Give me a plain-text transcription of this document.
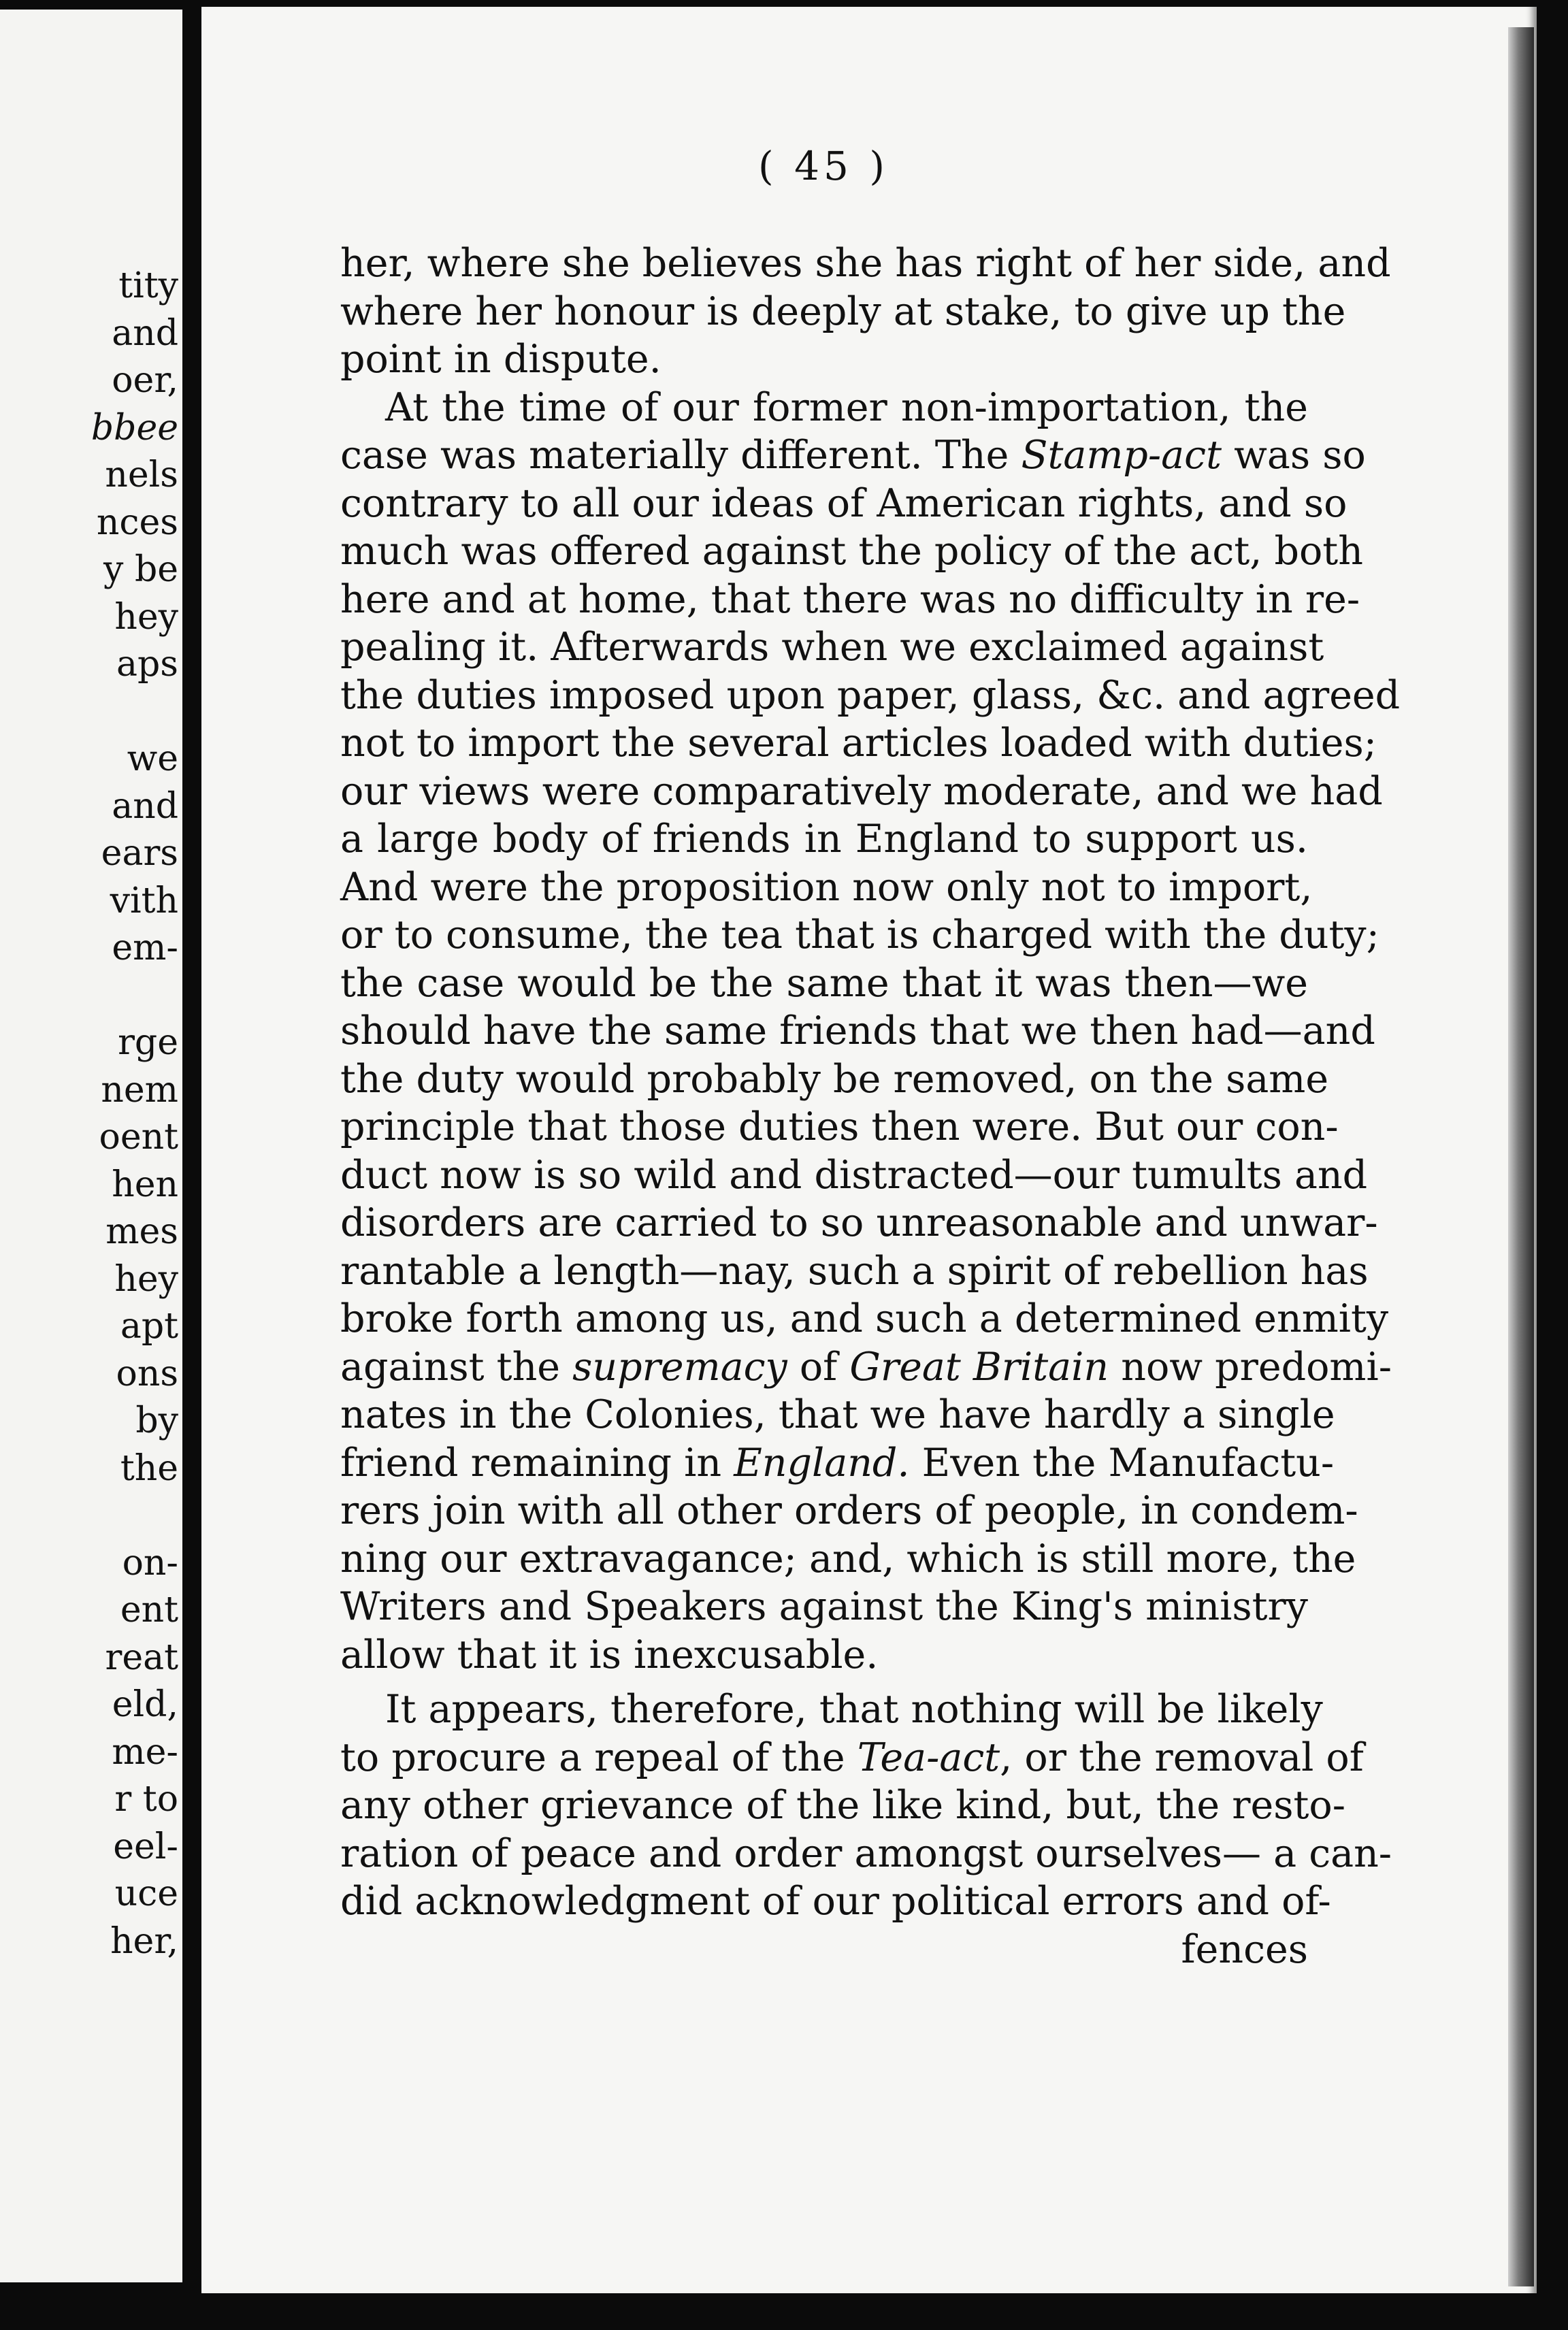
tity
and
oer,
bbee
nels
nces
y be
hey
aps
we
and
ears
vith
em-
rge
nem
oent
hen
mes
hey
apt
ons
by
the
on-
ent
reat
eld,
me-
r to
eel-
uce
her,
( 45 )
her, where she believes she has right of her side, and
where her honour is deeply at stake, to give up the
point in dispute.
At the time of our former non-importation, the
case was materially different. The Stamp-act was so
contrary to all our ideas of American rights, and so
much was offered against the policy of the act, both
here and at home, that there was no difficulty in re-
pealing it. Afterwards when we exclaimed against
the duties imposed upon paper, glass, &c. and agreed
not to import the several articles loaded with duties;
our views were comparatively moderate, and we had
a large body of friends in England to support us.
And were the proposition now only not to import,
or to consume, the tea that is charged with the duty;
the case would be the same that it was then—we
should have the same friends that we then had—and
the duty would probably be removed, on the same
principle that those duties then were. But our con-
duct now is so wild and distracted—our tumults and
disorders are carried to so unreasonable and unwar-
rantable a length—nay, such a spirit of rebellion has
broke forth among us, and such a determined enmity
against the supremacy of Great Britain now predomi-
nates in the Colonies, that we have hardly a single
friend remaining in England. Even the Manufactu-
rers join with all other orders of people, in condem-
ning our extravagance; and, which is still more, the
Writers and Speakers against the King's ministry
allow that it is inexcusable.
It appears, therefore, that nothing will be likely
to procure a repeal of the Tea-act, or the removal of
any other grievance of the like kind, but, the resto-
ration of peace and order amongst ourselves— a can-
did acknowledgment of our political errors and of-
fences
